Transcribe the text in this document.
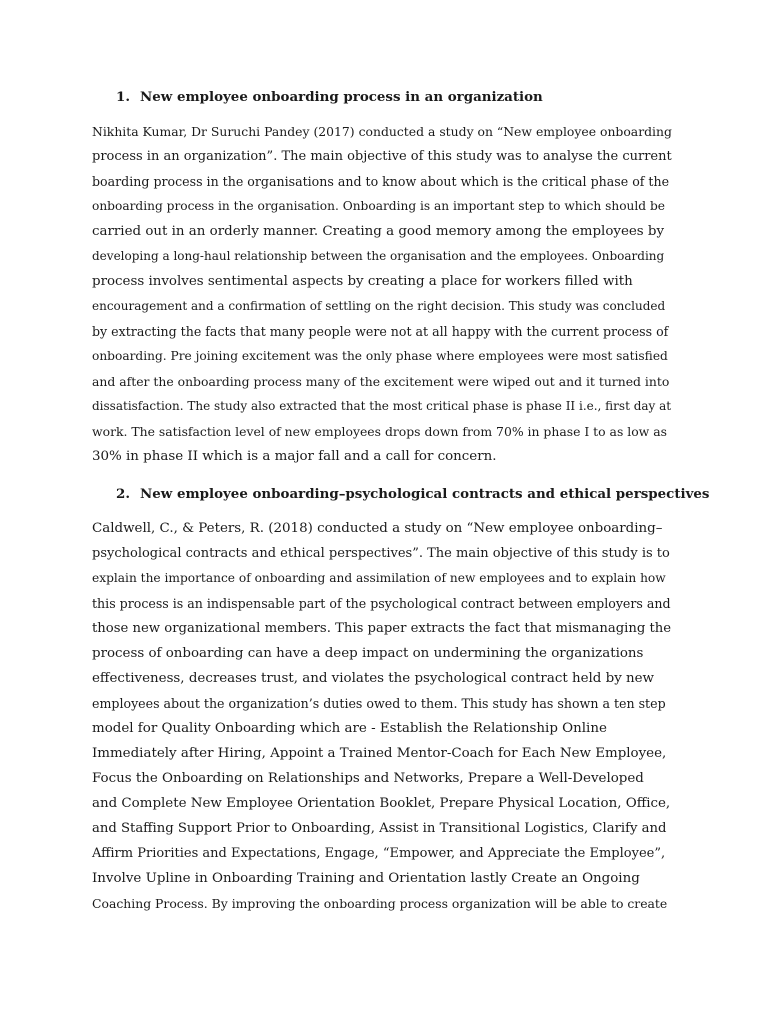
1. New employee onboarding process in an organization
Nikhita Kumar, Dr Suruchi Pandey (2017) conducted a study on “New employee onboarding
process in an organization”. The main objective of this study was to analyse the current
boarding process in the organisations and to know about which is the critical phase of the
onboarding process in the organisation. Onboarding is an important step to which should be
carried out in an orderly manner. Creating a good memory among the employees by
developing a long-haul relationship between the organisation and the employees. Onboarding
process involves sentimental aspects by creating a place for workers filled with
encouragement and a confirmation of settling on the right decision. This study was concluded
by extracting the facts that many people were not at all happy with the current process of
onboarding. Pre joining excitement was the only phase where employees were most satisfied
and after the onboarding process many of the excitement were wiped out and it turned into
dissatisfaction. The study also extracted that the most critical phase is phase II i.e., first day at
work. The satisfaction level of new employees drops down from 70% in phase I to as low as
30% in phase II which is a major fall and a call for concern.
2. New employee onboarding–psychological contracts and ethical perspectives
Caldwell, C., & Peters, R. (2018) conducted a study on “New employee onboarding–
psychological contracts and ethical perspectives”. The main objective of this study is to
explain the importance of onboarding and assimilation of new employees and to explain how
this process is an indispensable part of the psychological contract between employers and
those new organizational members. This paper extracts the fact that mismanaging the
process of onboarding can have a deep impact on undermining the organizations
effectiveness, decreases trust, and violates the psychological contract held by new
employees about the organization’s duties owed to them. This study has shown a ten step
model for Quality Onboarding which are - Establish the Relationship Online
Immediately after Hiring, Appoint a Trained Mentor-Coach for Each New Employee,
Focus the Onboarding on Relationships and Networks, Prepare a Well-Developed
and Complete New Employee Orientation Booklet, Prepare Physical Location, Office,
and Staffing Support Prior to Onboarding, Assist in Transitional Logistics, Clarify and
Affirm Priorities and Expectations, Engage, “Empower, and Appreciate the Employee”,
Involve Upline in Onboarding Training and Orientation lastly Create an Ongoing
Coaching Process. By improving the onboarding process organization will be able to create
